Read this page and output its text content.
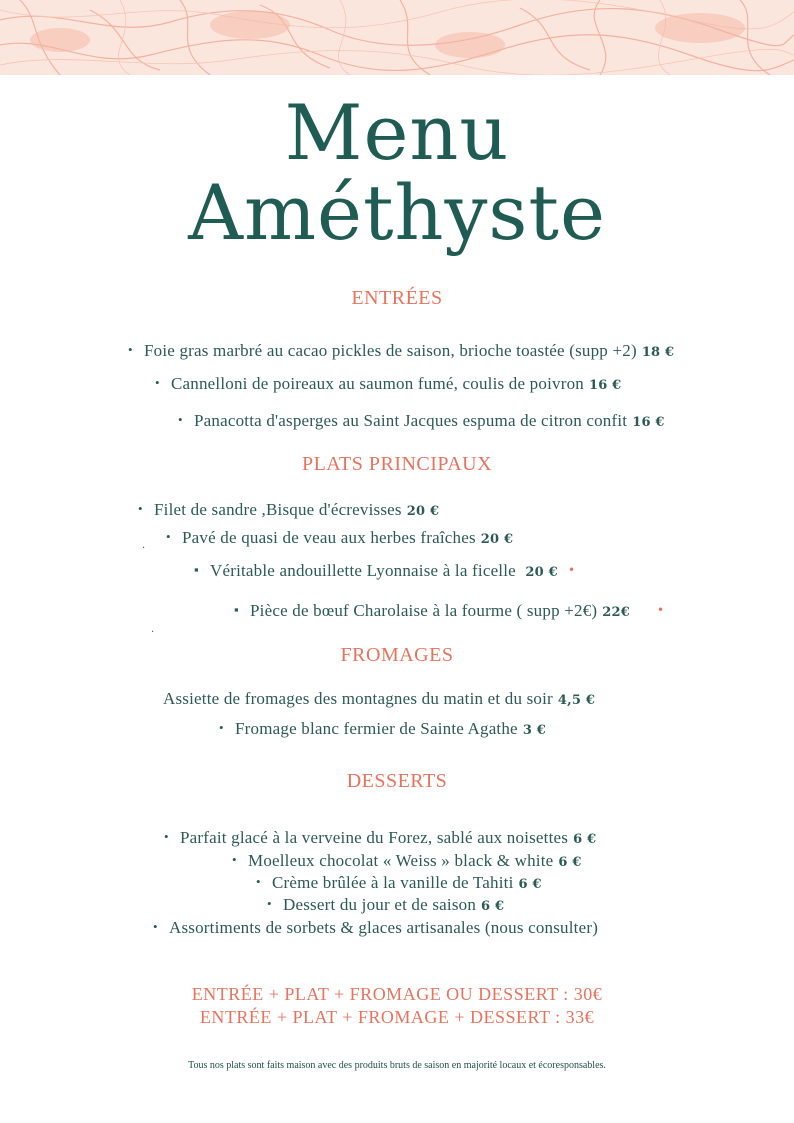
Menu
Améthyste
ENTRÉES
• Foie gras marbré au cacao pickles de saison, brioche toastée (supp +2) 18 €
• Cannelloni de poireaux au saumon fumé, coulis de poivron 16 €
• Panacotta d'asperges au Saint Jacques espuma de citron confit 16 €
PLATS PRINCIPAUX
• Filet de sandre ,Bisque d'écrevisses 20 €
• Pavé de quasi de veau aux herbes fraîches 20 €
.
▪ Véritable andouillette Lyonnaise à la ficelle 20 € •
▪ Pièce de bœuf Charolaise à la fourme ( supp +2€) 22€ •
.
FROMAGES
Assiette de fromages des montagnes du matin et du soir 4,5 €
• Fromage blanc fermier de Sainte Agathe 3 €
DESSERTS
• Parfait glacé à la verveine du Forez, sablé aux noisettes 6 €
• Moelleux chocolat « Weiss » black & white 6 €
• Crème brûlée à la vanille de Tahiti 6 €
• Dessert du jour et de saison 6 €
• Assortiments de sorbets & glaces artisanales (nous consulter)
ENTRÉE + PLAT + FROMAGE OU DESSERT : 30€
ENTRÉE + PLAT + FROMAGE + DESSERT : 33€
Tous nos plats sont faits maison avec des produits bruts de saison en majorité locaux et écoresponsables.
